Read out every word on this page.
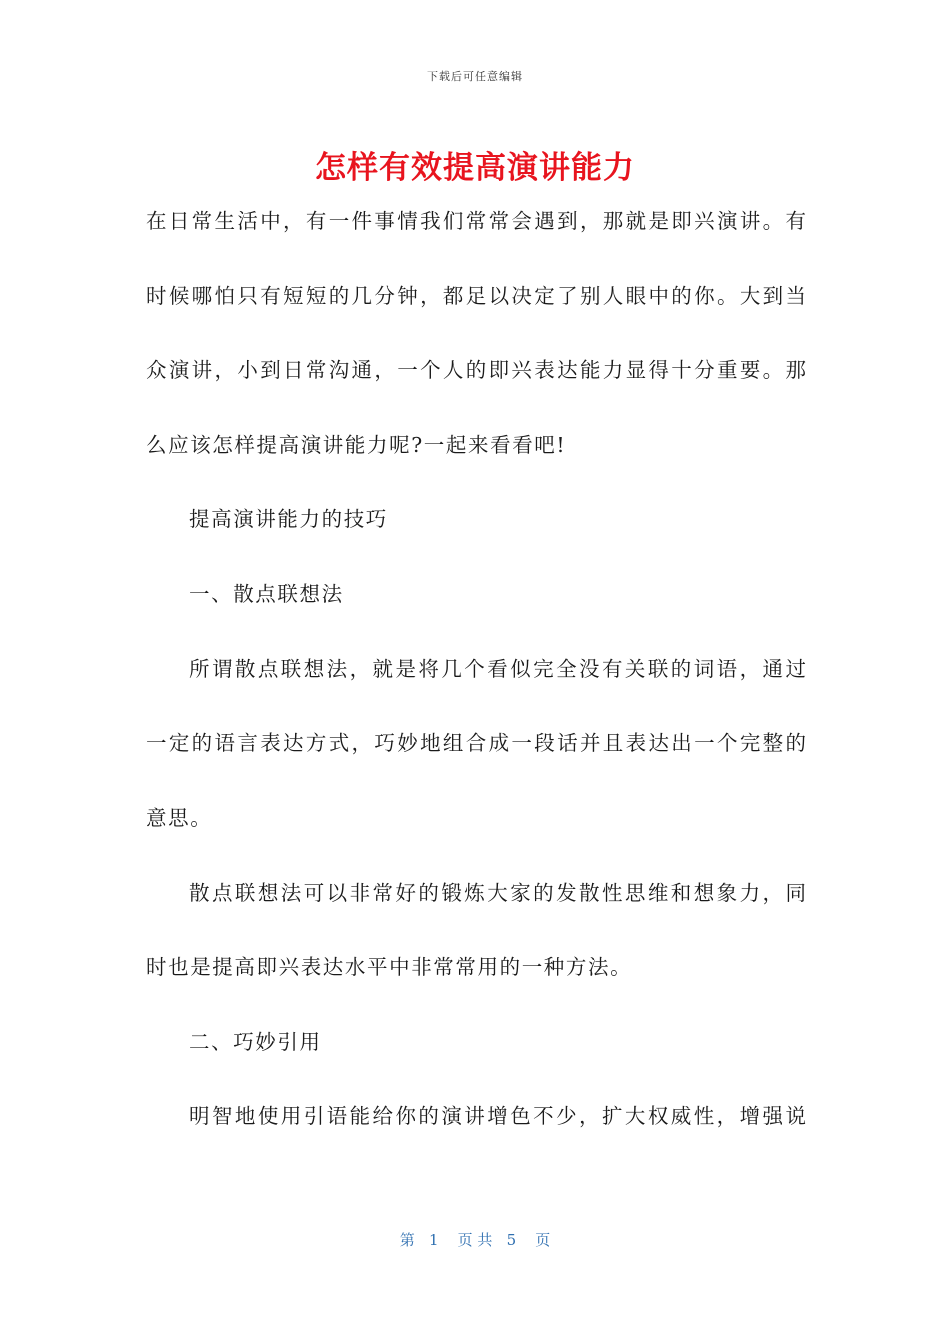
下载后可任意编辑
怎样有效提高演讲能力
在日常生活中，有一件事情我们常常会遇到，那就是即兴演讲。有
时候哪怕只有短短的几分钟，都足以决定了别人眼中的你。大到当
众演讲，小到日常沟通，一个人的即兴表达能力显得十分重要。那
么应该怎样提高演讲能力呢?一起来看看吧!
提高演讲能力的技巧
一、散点联想法
所谓散点联想法，就是将几个看似完全没有关联的词语，通过
一定的语言表达方式，巧妙地组合成一段话并且表达出一个完整的
意思。
散点联想法可以非常好的锻炼大家的发散性思维和想象力，同
时也是提高即兴表达水平中非常常用的一种方法。
二、巧妙引用
明智地使用引语能给你的演讲增色不少，扩大权威性，增强说
第   1    页 共   5    页
